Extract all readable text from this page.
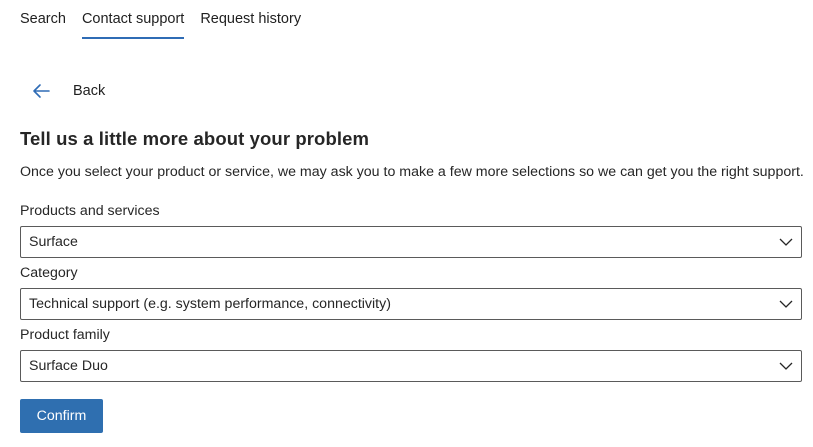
Search Contact support Request history
Back
Tell us a little more about your problem

Once you select your product or service, we may ask you to make a few more selections so we can get you the right support.

Products and services
Surface
Category
Technical support (e.g. system performance, connectivity)
Product family
Surface Duo
Confirm
